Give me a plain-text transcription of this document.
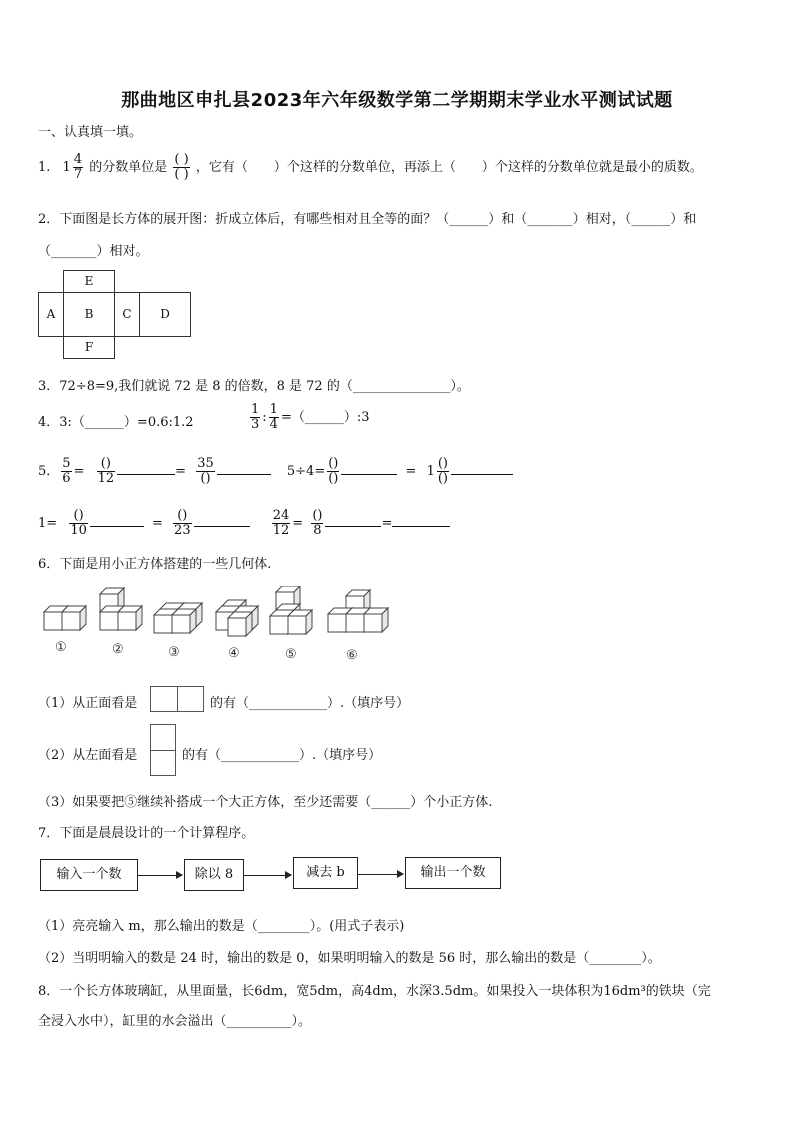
那曲地区申扎县2023年六年级数学第二学期期末学业水平测试试题
一、认真填一填。
1. $1 \frac{4}{7}$ 的分数单位是 $\frac{( )}{( )}$ ，它有（　　）个这样的分数单位，再添上（　　）个这样的分数单位就是最小的质数。
2．下面图是长方体的展开图：折成立体后，有哪些相对且全等的面？（______）和（_______）相对，（______）和
（_______）相对。
E
A	B	C	D
F
3．72÷8=9,我们就说 72 是 8 的倍数，8 是 72 的（_______________）。
4．3:（______）=0.6:1.2	$\frac{1}{3}$ : $\frac{1}{4}$ =（______）:3
5． $\frac{5}{6} = \frac{()}{12}$	= $\frac{35}{()}$	$5\div 4= \frac{()}{()}$	= $1 \frac{()}{()}$
$1= \frac{()}{10}$	= $\frac{()}{23}$
	$\frac{24}{12} = \frac{()}{8}$	=
6．下面是用小正方体搭建的一些几何体.
①	②	③	④	⑤	⑥
（1）从正面看是	的有（____________）.（填序号）
（2）从左面看是	的有（____________）.（填序号）
（3）如果要把⑤继续补搭成一个大正方体，至少还需要（______）个小正方体.
7．下面是晨晨设计的一个计算程序。
输入一个数	除以 8	减去 b	输出一个数
（1）亮亮输入 m，那么输出的数是（________）。(用式子表示)
（2）当明明输入的数是 24 时，输出的数是 0，如果明明输入的数是 56 时，那么输出的数是（________）。
8．一个长方体玻璃缸，从里面量，长6dm，宽5dm，高4dm，水深3.5dm。如果投入一块体积为16dm³的铁块（完
全浸入水中），缸里的水会溢出（__________）。
